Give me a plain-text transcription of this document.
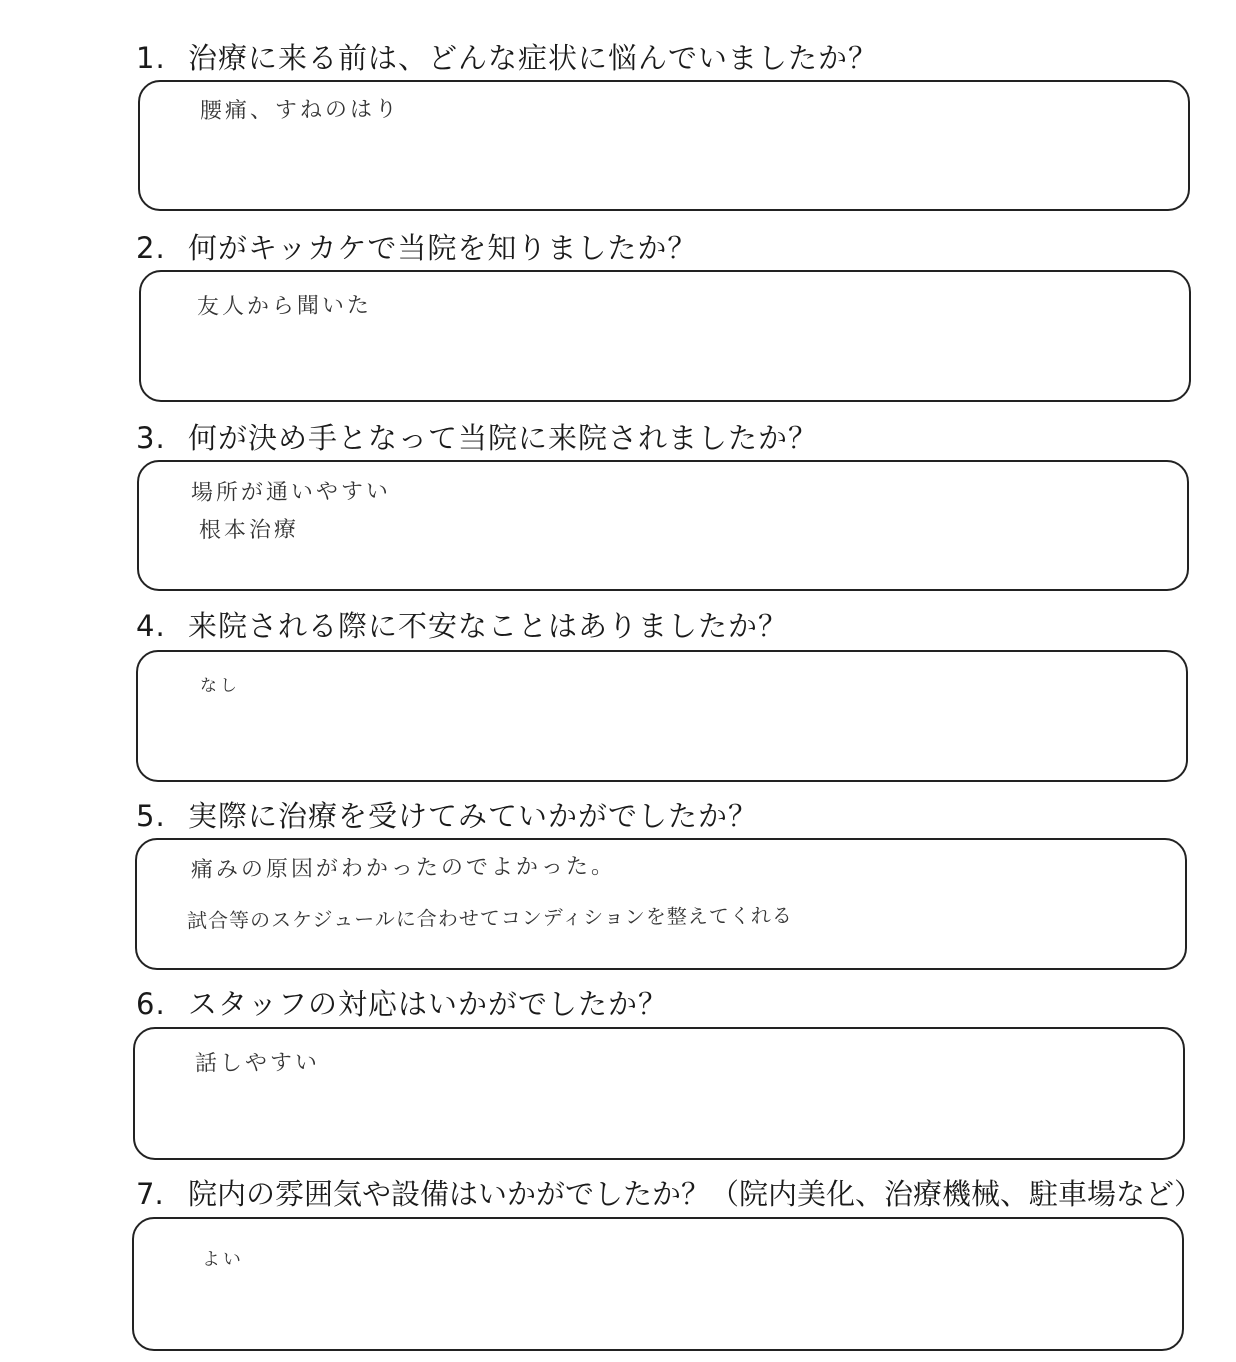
1. 治療に来る前は、どんな症状に悩んでいましたか？

腰痛、すねのはり

2. 何がキッカケで当院を知りましたか？

友人から聞いた

3. 何が決め手となって当院に来院されましたか？

場所が通いやすい

根本治療

4. 来院される際に不安なことはありましたか？

なし

5. 実際に治療を受けてみていかがでしたか？

痛みの原因がわかったのでよかった。

試合等のスケジュールに合わせてコンディションを整えてくれる

6. スタッフの対応はいかがでしたか？

話しやすい

7. 院内の雰囲気や設備はいかがでしたか？（院内美化、治療機械、駐車場など）

よい
